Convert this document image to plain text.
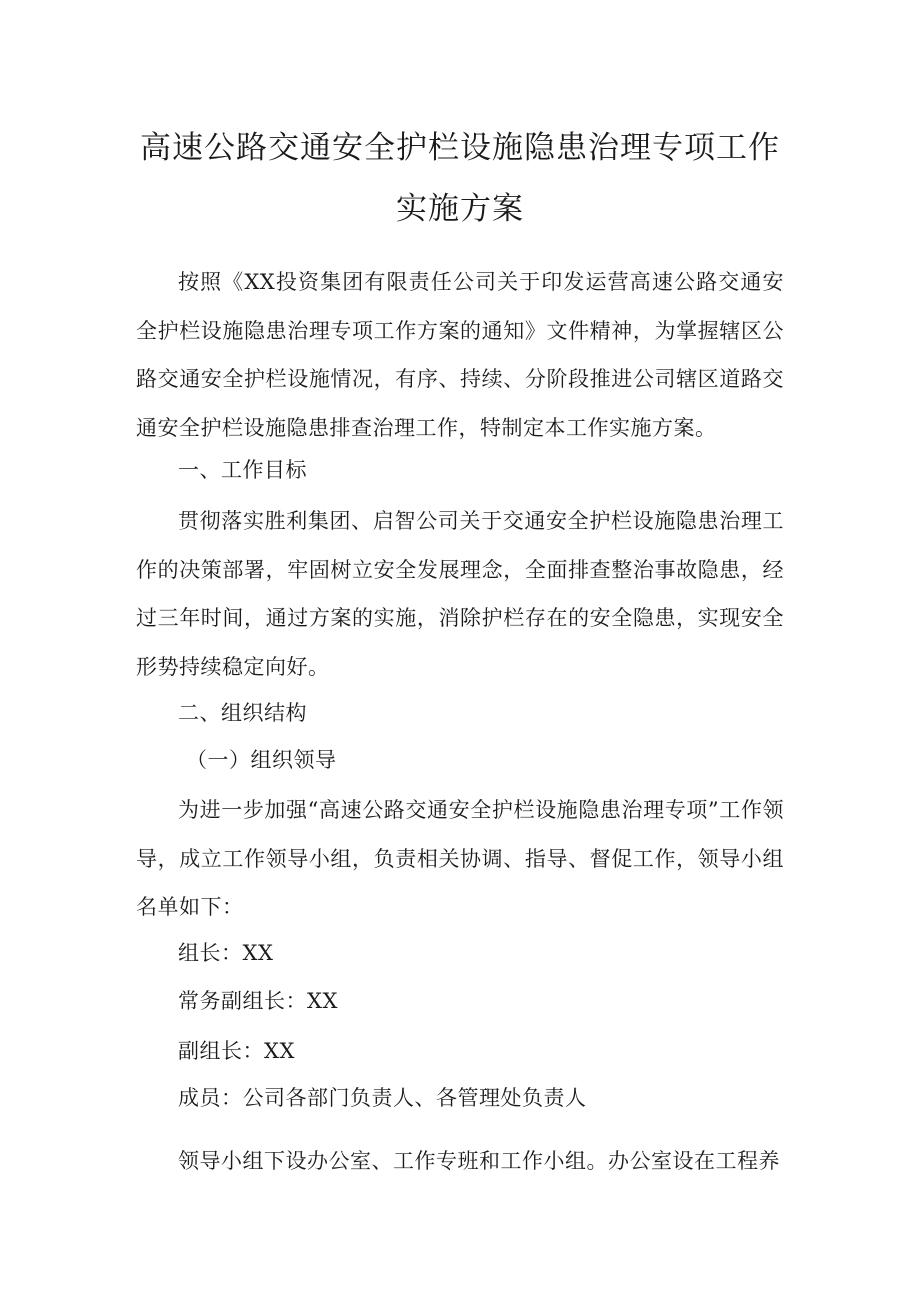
高速公路交通安全护栏设施隐患治理专项工作
实施方案

按照《XX投资集团有限责任公司关于印发运营高速公路交通安全护栏设施隐患治理专项工作方案的通知》文件精神，为掌握辖区公路交通安全护栏设施情况，有序、持续、分阶段推进公司辖区道路交通安全护栏设施隐患排查治理工作，特制定本工作实施方案。

一、工作目标

贯彻落实胜利集团、启智公司关于交通安全护栏设施隐患治理工作的决策部署，牢固树立安全发展理念，全面排查整治事故隐患，经过三年时间，通过方案的实施，消除护栏存在的安全隐患，实现安全形势持续稳定向好。

二、组织结构

（一）组织领导

为进一步加强“高速公路交通安全护栏设施隐患治理专项”工作领导，成立工作领导小组，负责相关协调、指导、督促工作，领导小组名单如下：

组长：XX

常务副组长：XX

副组长：XX

成员：公司各部门负责人、各管理处负责人

领导小组下设办公室、工作专班和工作小组。办公室设在工程养
